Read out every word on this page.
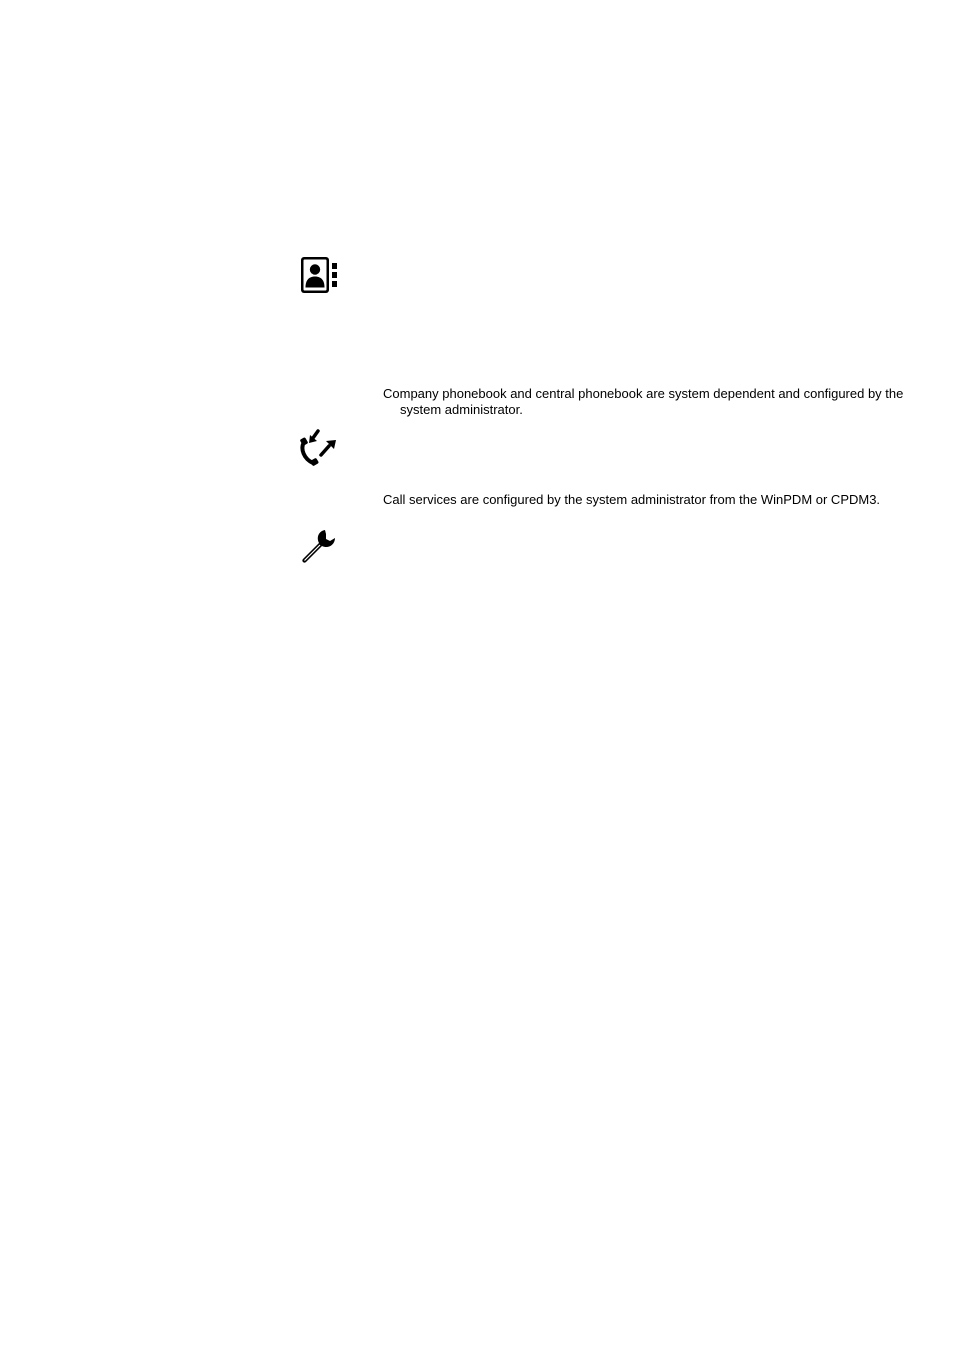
Company phonebook and central phonebook are system dependent and configured by the system administrator.

Call services are configured by the system administrator from the WinPDM or CPDM3.
